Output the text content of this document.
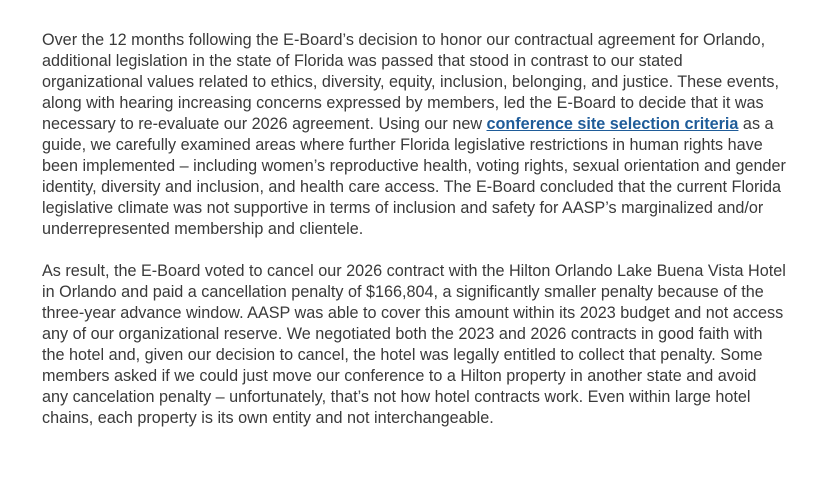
Over the 12 months following the E-Board’s decision to honor our contractual agreement for Orlando, additional legislation in the state of Florida was passed that stood in contrast to our stated organizational values related to ethics, diversity, equity, inclusion, belonging, and justice. These events, along with hearing increasing concerns expressed by members, led the E-Board to decide that it was necessary to re-evaluate our 2026 agreement. Using our new conference site selection criteria as a guide, we carefully examined areas where further Florida legislative restrictions in human rights have been implemented – including women’s reproductive health, voting rights, sexual orientation and gender identity, diversity and inclusion, and health care access. The E-Board concluded that the current Florida legislative climate was not supportive in terms of inclusion and safety for AASP’s marginalized and/or underrepresented membership and clientele.

As result, the E-Board voted to cancel our 2026 contract with the Hilton Orlando Lake Buena Vista Hotel in Orlando and paid a cancellation penalty of $166,804, a significantly smaller penalty because of the three-year advance window. AASP was able to cover this amount within its 2023 budget and not access any of our organizational reserve. We negotiated both the 2023 and 2026 contracts in good faith with the hotel and, given our decision to cancel, the hotel was legally entitled to collect that penalty. Some members asked if we could just move our conference to a Hilton property in another state and avoid any cancelation penalty – unfortunately, that’s not how hotel contracts work. Even within large hotel chains, each property is its own entity and not interchangeable.
